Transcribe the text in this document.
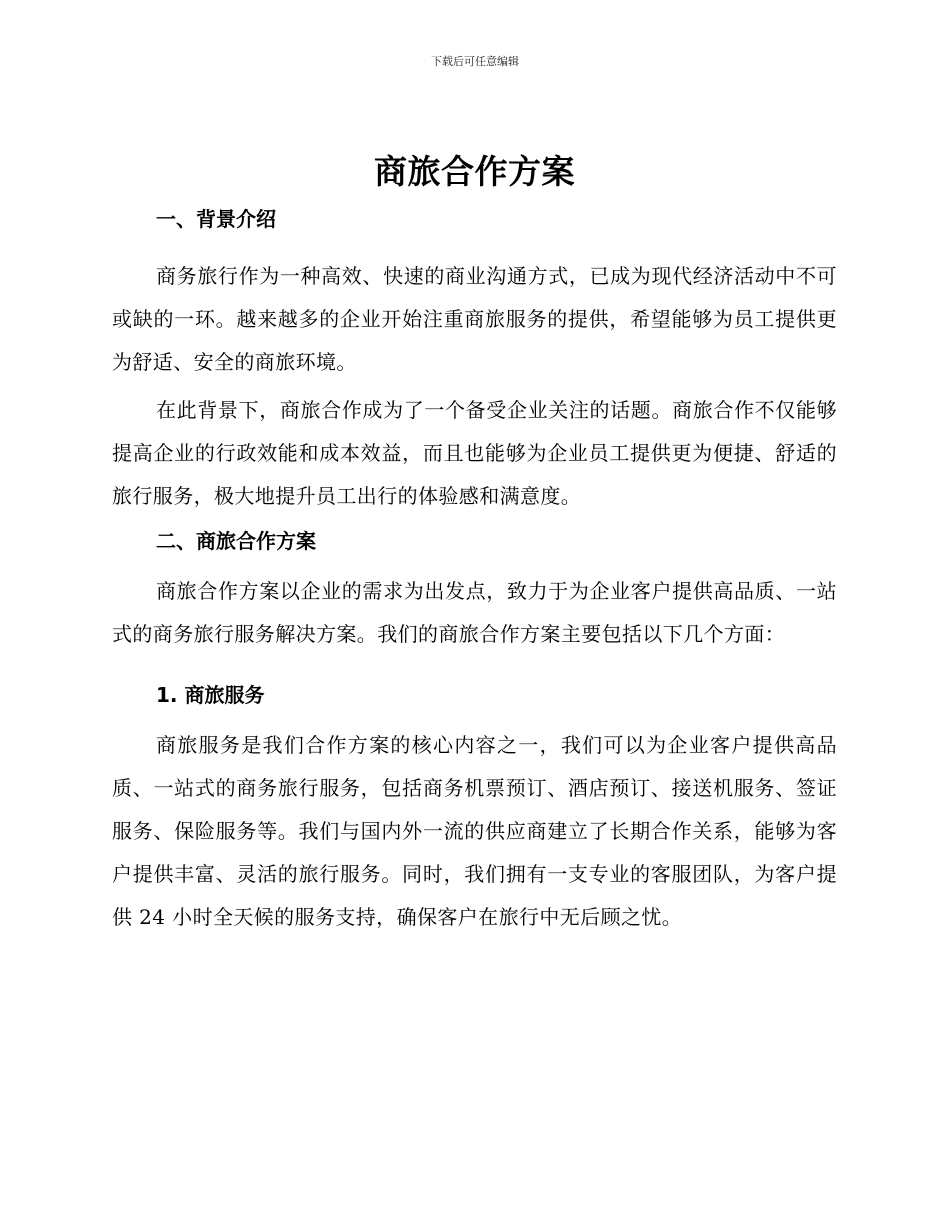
下载后可任意编辑
商旅合作方案
一、背景介绍

商务旅行作为一种高效、快速的商业沟通方式，已成为现代经济活动中不可或缺的一环。越来越多的企业开始注重商旅服务的提供，希望能够为员工提供更为舒适、安全的商旅环境。

在此背景下，商旅合作成为了一个备受企业关注的话题。商旅合作不仅能够提高企业的行政效能和成本效益，而且也能够为企业员工提供更为便捷、舒适的旅行服务，极大地提升员工出行的体验感和满意度。

二、商旅合作方案

商旅合作方案以企业的需求为出发点，致力于为企业客户提供高品质、一站式的商务旅行服务解决方案。我们的商旅合作方案主要包括以下几个方面：

1. 商旅服务

商旅服务是我们合作方案的核心内容之一，我们可以为企业客户提供高品质、一站式的商务旅行服务，包括商务机票预订、酒店预订、接送机服务、签证服务、保险服务等。我们与国内外一流的供应商建立了长期合作关系，能够为客户提供丰富、灵活的旅行服务。同时，我们拥有一支专业的客服团队，为客户提供 24 小时全天候的服务支持，确保客户在旅行中无后顾之忧。
